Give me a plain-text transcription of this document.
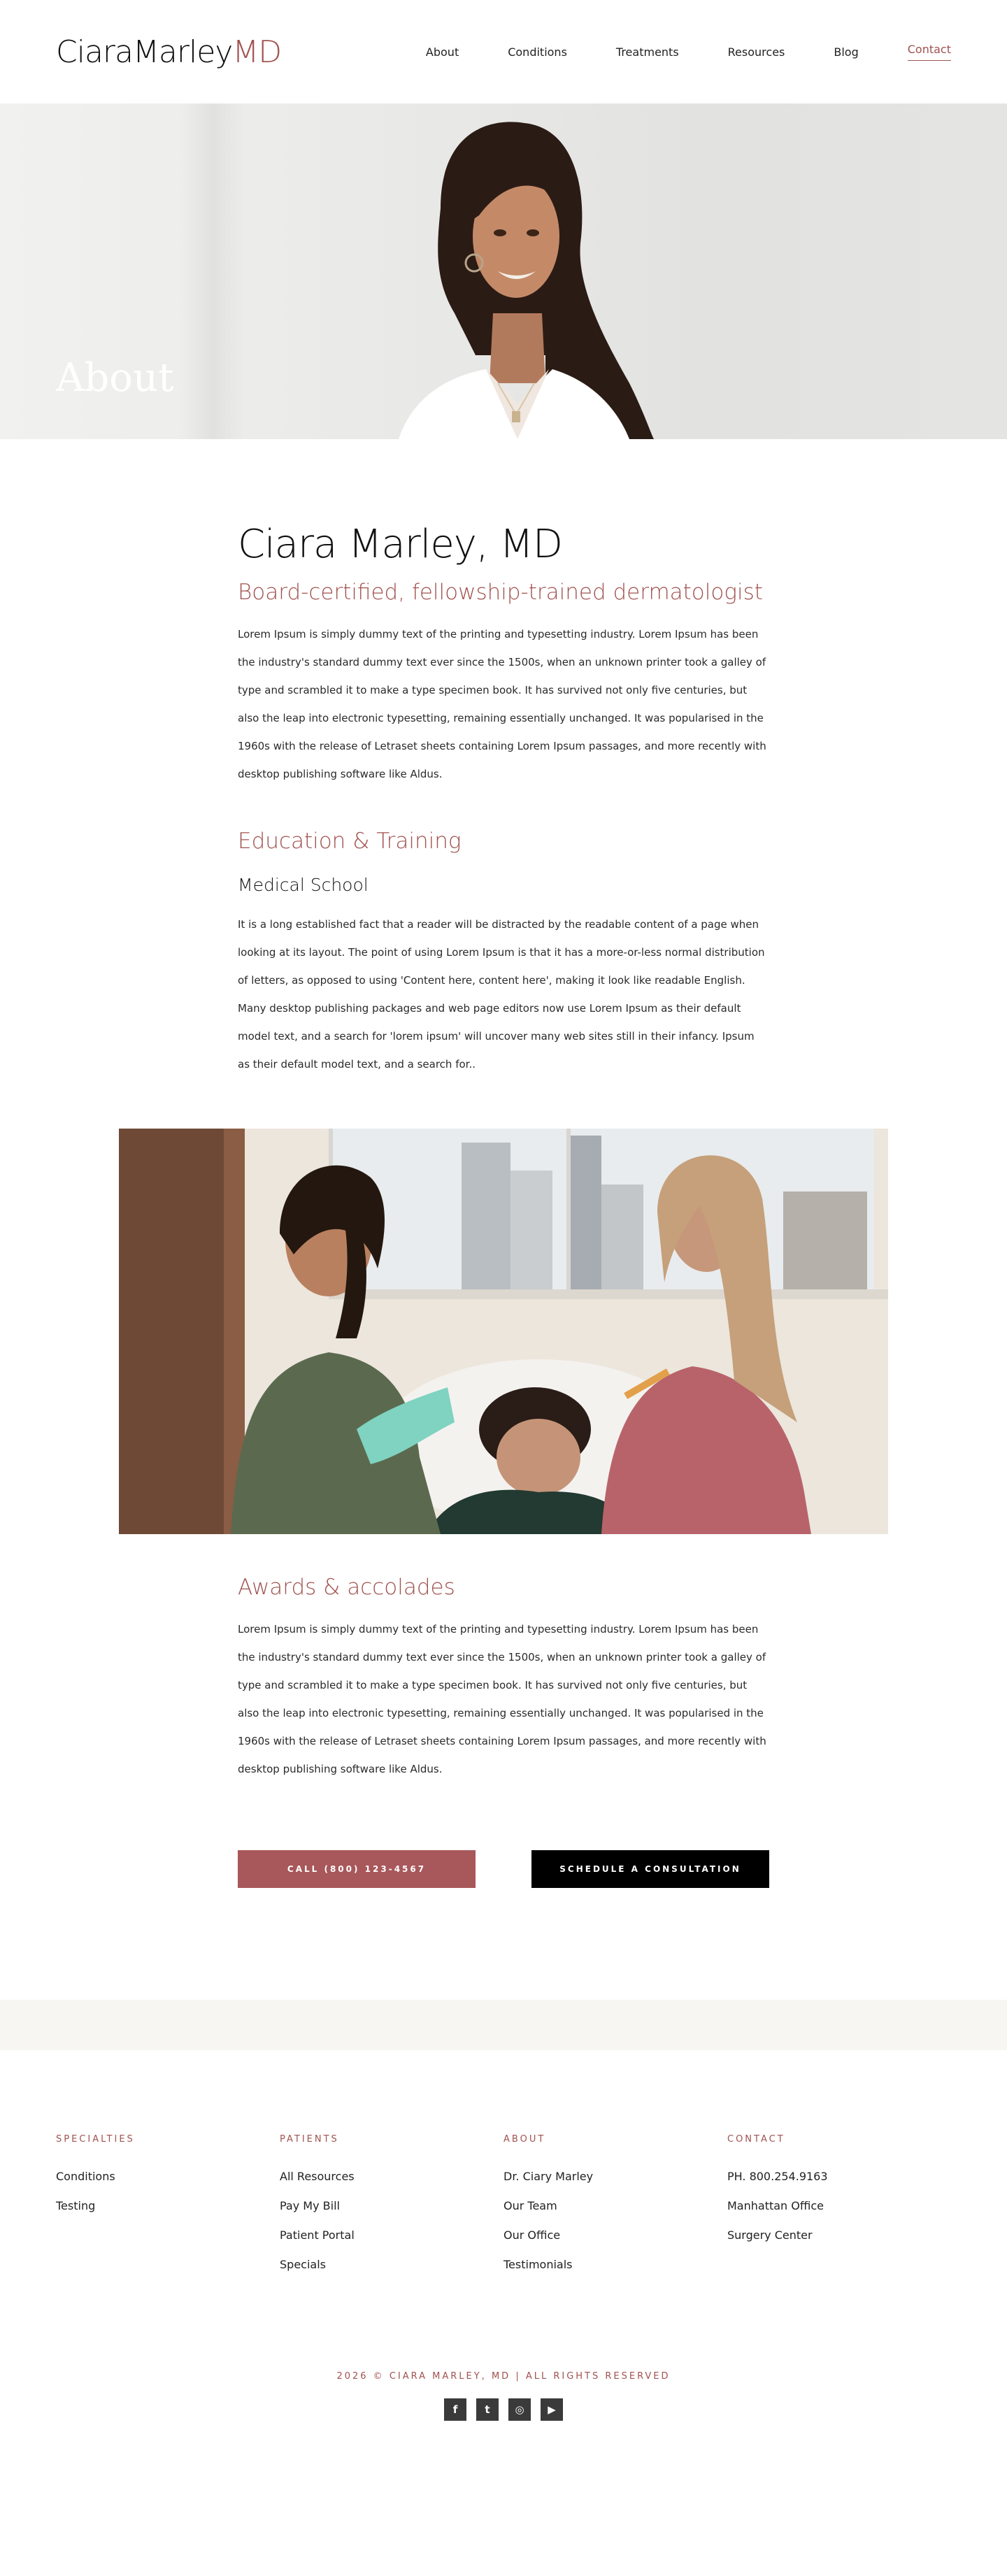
CiaraMarleyMD	About	Conditions	Treatments	Resources	Blog	Contact
About
Ciara Marley, MD
Board-certified, fellowship-trained dermatologist

Lorem Ipsum is simply dummy text of the printing and typesetting industry. Lorem Ipsum has been the industry's standard dummy text ever since the 1500s, when an unknown printer took a galley of type and scrambled it to make a type specimen book. It has survived not only five centuries, but also the leap into electronic typesetting, remaining essentially unchanged. It was popularised in the 1960s with the release of Letraset sheets containing Lorem Ipsum passages, and more recently with desktop publishing software like Aldus.

Education & Training
Medical School

It is a long established fact that a reader will be distracted by the readable content of a page when looking at its layout. The point of using Lorem Ipsum is that it has a more-or-less normal distribution of letters, as opposed to using 'Content here, content here', making it look like readable English. Many desktop publishing packages and web page editors now use Lorem Ipsum as their default model text, and a search for 'lorem ipsum' will uncover many web sites still in their infancy. Ipsum as their default model text, and a search for..

Awards & accolades

Lorem Ipsum is simply dummy text of the printing and typesetting industry. Lorem Ipsum has been the industry's standard dummy text ever since the 1500s, when an unknown printer took a galley of type and scrambled it to make a type specimen book. It has survived not only five centuries, but also the leap into electronic typesetting, remaining essentially unchanged. It was popularised in the 1960s with the release of Letraset sheets containing Lorem Ipsum passages, and more recently with desktop publishing software like Aldus.

CALL (800) 123-4567	SCHEDULE A CONSULTATION
SPECIALTIES
Conditions
Testing
PATIENTS
All Resources
Pay My Bill
Patient Portal
Specials
ABOUT
Dr. Ciary Marley
Our Team
Our Office
Testimonials
CONTACT
PH. 800.254.9163
Manhattan Office
Surgery Center
2026 © CIARA MARLEY, MD | ALL RIGHTS RESERVED
f	t	◎	▶
